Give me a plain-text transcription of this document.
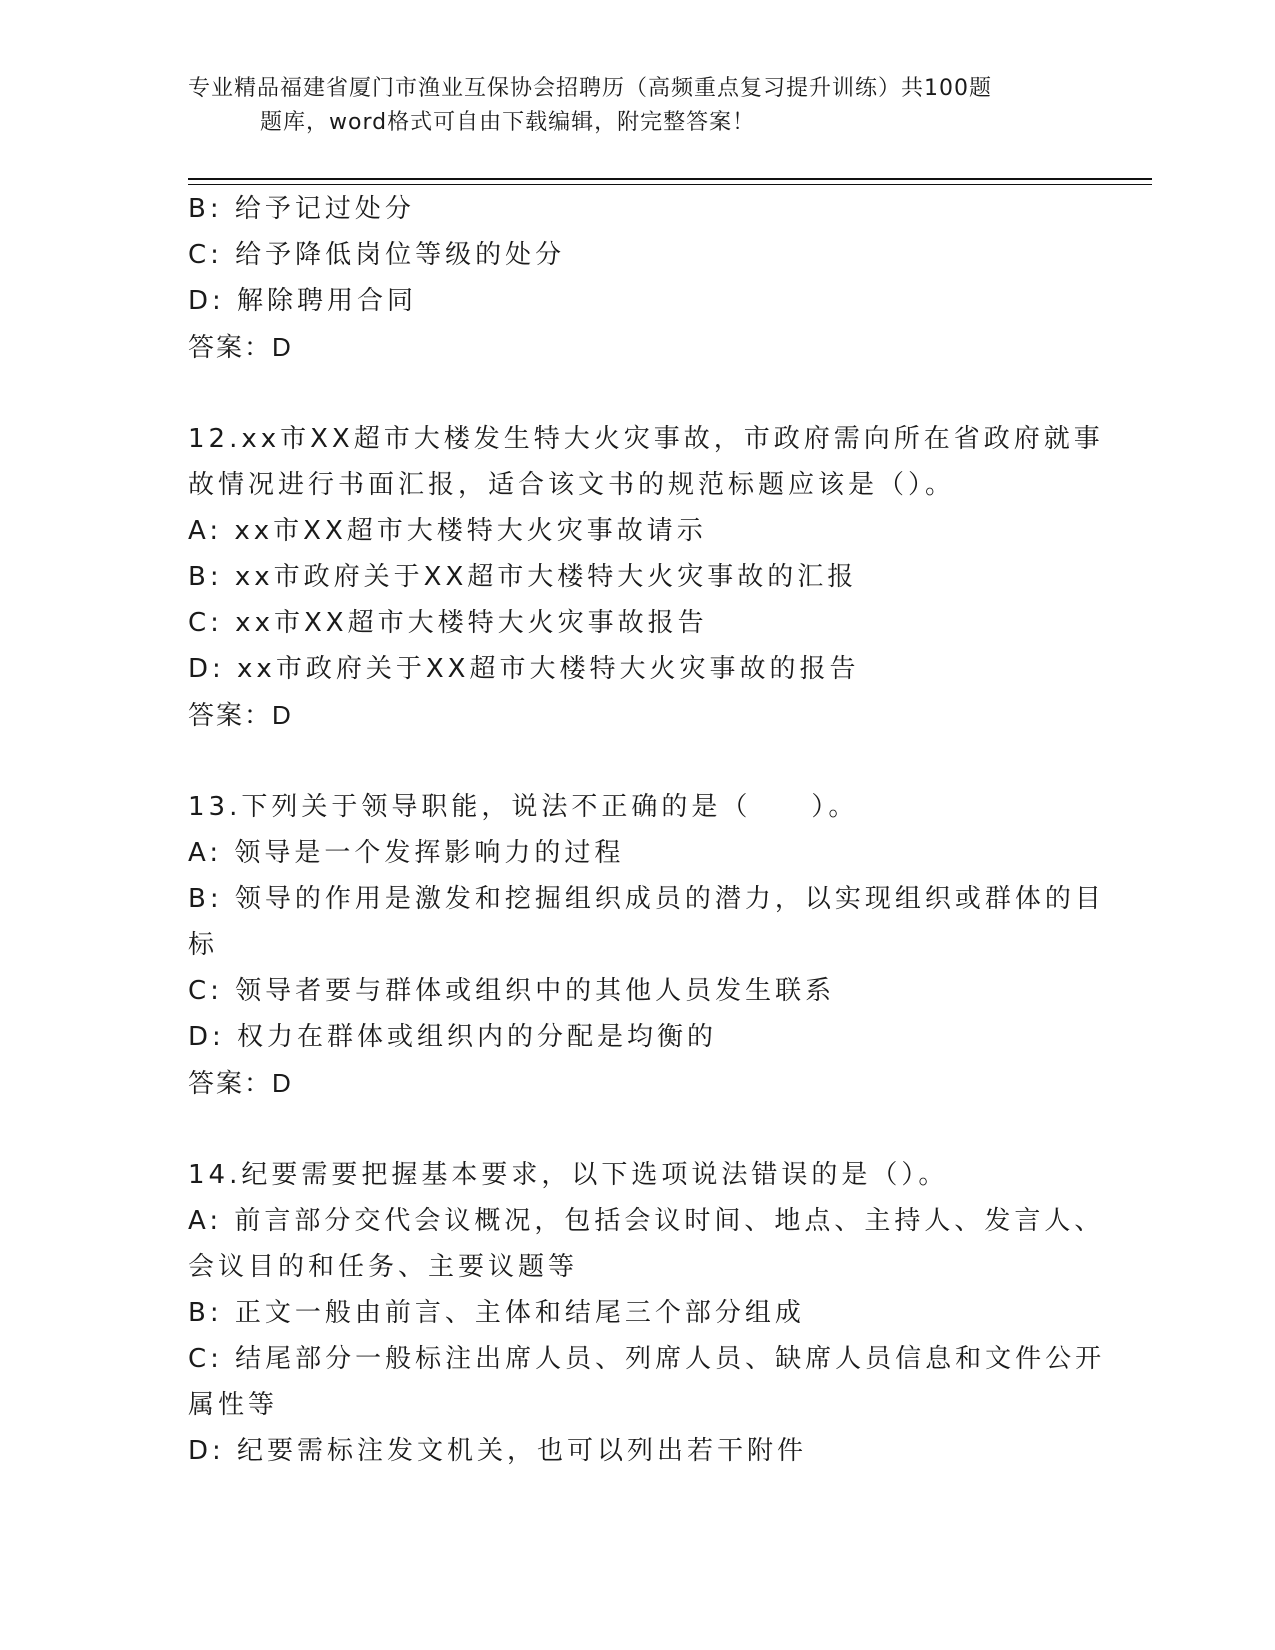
专业精品福建省厦门市渔业互保协会招聘历（高频重点复习提升训练）共100题
题库，word格式可自由下载编辑，附完整答案！
B: 给予记过处分
C: 给予降低岗位等级的处分
D: 解除聘用合同
答案：D
12.xx市XX超市大楼发生特大火灾事故，市政府需向所在省政府就事
故情况进行书面汇报，适合该文书的规范标题应该是（）。
A: xx市XX超市大楼特大火灾事故请示
B: xx市政府关于XX超市大楼特大火灾事故的汇报
C: xx市XX超市大楼特大火灾事故报告
D: xx市政府关于XX超市大楼特大火灾事故的报告
答案：D
13.下列关于领导职能，说法不正确的是（　　）。
A: 领导是一个发挥影响力的过程
B: 领导的作用是激发和挖掘组织成员的潜力，以实现组织或群体的目
标
C: 领导者要与群体或组织中的其他人员发生联系
D: 权力在群体或组织内的分配是均衡的
答案：D
14.纪要需要把握基本要求，以下选项说法错误的是（）。
A: 前言部分交代会议概况，包括会议时间、地点、主持人、发言人、
会议目的和任务、主要议题等
B: 正文一般由前言、主体和结尾三个部分组成
C: 结尾部分一般标注出席人员、列席人员、缺席人员信息和文件公开
属性等
D: 纪要需标注发文机关，也可以列出若干附件
